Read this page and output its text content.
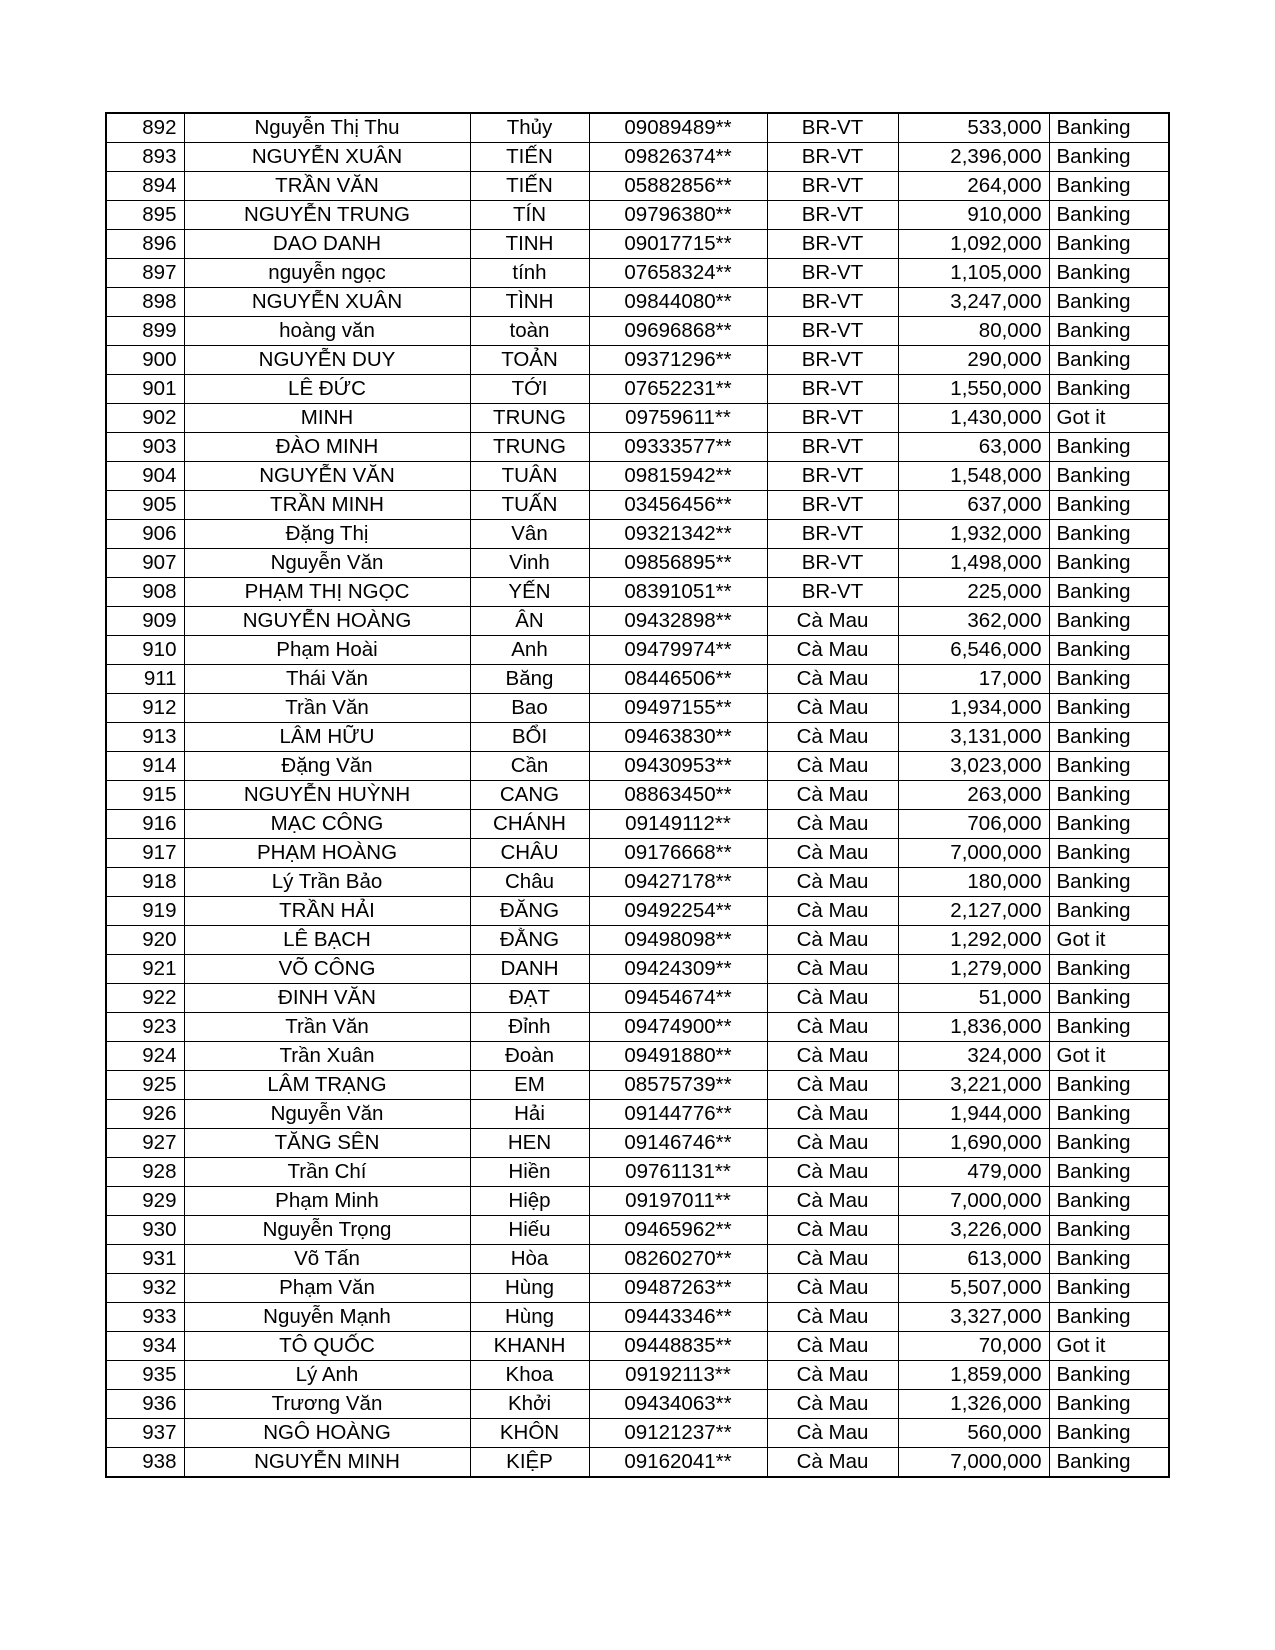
892	Nguyễn Thị Thu	Thủy	09089489**	BR-VT	533,000	Banking
893	NGUYỄN XUÂN	TIẾN	09826374**	BR-VT	2,396,000	Banking
894	TRẦN VĂN	TIẾN	05882856**	BR-VT	264,000	Banking
895	NGUYỄN TRUNG	TÍN	09796380**	BR-VT	910,000	Banking
896	DAO DANH	TINH	09017715**	BR-VT	1,092,000	Banking
897	nguyễn ngọc	tính	07658324**	BR-VT	1,105,000	Banking
898	NGUYỄN XUÂN	TÌNH	09844080**	BR-VT	3,247,000	Banking
899	hoàng văn	toàn	09696868**	BR-VT	80,000	Banking
900	NGUYỄN DUY	TOẢN	09371296**	BR-VT	290,000	Banking
901	LÊ ĐỨC	TỚI	07652231**	BR-VT	1,550,000	Banking
902	MINH	TRUNG	09759611**	BR-VT	1,430,000	Got it
903	ĐÀO MINH	TRUNG	09333577**	BR-VT	63,000	Banking
904	NGUYỄN VĂN	TUÂN	09815942**	BR-VT	1,548,000	Banking
905	TRẦN MINH	TUẤN	03456456**	BR-VT	637,000	Banking
906	Đặng Thị	Vân	09321342**	BR-VT	1,932,000	Banking
907	Nguyễn Văn	Vinh	09856895**	BR-VT	1,498,000	Banking
908	PHẠM THỊ NGỌC	YẾN	08391051**	BR-VT	225,000	Banking
909	NGUYỄN HOÀNG	ÂN	09432898**	Cà Mau	362,000	Banking
910	Phạm Hoài	Anh	09479974**	Cà Mau	6,546,000	Banking
911	Thái Văn	Băng	08446506**	Cà Mau	17,000	Banking
912	Trần Văn	Bao	09497155**	Cà Mau	1,934,000	Banking
913	LÂM HỮU	BỔI	09463830**	Cà Mau	3,131,000	Banking
914	Đặng Văn	Cần	09430953**	Cà Mau	3,023,000	Banking
915	NGUYỄN HUỲNH	CANG	08863450**	Cà Mau	263,000	Banking
916	MẠC CÔNG	CHÁNH	09149112**	Cà Mau	706,000	Banking
917	PHẠM HOÀNG	CHÂU	09176668**	Cà Mau	7,000,000	Banking
918	Lý Trần Bảo	Châu	09427178**	Cà Mau	180,000	Banking
919	TRẦN HẢI	ĐĂNG	09492254**	Cà Mau	2,127,000	Banking
920	LÊ BẠCH	ĐẰNG	09498098**	Cà Mau	1,292,000	Got it
921	VÕ CÔNG	DANH	09424309**	Cà Mau	1,279,000	Banking
922	ĐINH VĂN	ĐẠT	09454674**	Cà Mau	51,000	Banking
923	Trần Văn	Đỉnh	09474900**	Cà Mau	1,836,000	Banking
924	Trần Xuân	Đoàn	09491880**	Cà Mau	324,000	Got it
925	LÂM TRẠNG	EM	08575739**	Cà Mau	3,221,000	Banking
926	Nguyễn Văn	Hải	09144776**	Cà Mau	1,944,000	Banking
927	TĂNG SÊN	HEN	09146746**	Cà Mau	1,690,000	Banking
928	Trần Chí	Hiền	09761131**	Cà Mau	479,000	Banking
929	Phạm Minh	Hiệp	09197011**	Cà Mau	7,000,000	Banking
930	Nguyễn Trọng	Hiếu	09465962**	Cà Mau	3,226,000	Banking
931	Võ Tấn	Hòa	08260270**	Cà Mau	613,000	Banking
932	Phạm Văn	Hùng	09487263**	Cà Mau	5,507,000	Banking
933	Nguyễn Mạnh	Hùng	09443346**	Cà Mau	3,327,000	Banking
934	TÔ QUỐC	KHANH	09448835**	Cà Mau	70,000	Got it
935	Lý Anh	Khoa	09192113**	Cà Mau	1,859,000	Banking
936	Trương Văn	Khởi	09434063**	Cà Mau	1,326,000	Banking
937	NGÔ HOÀNG	KHÔN	09121237**	Cà Mau	560,000	Banking
938	NGUYỄN MINH	KIỆP	09162041**	Cà Mau	7,000,000	Banking
